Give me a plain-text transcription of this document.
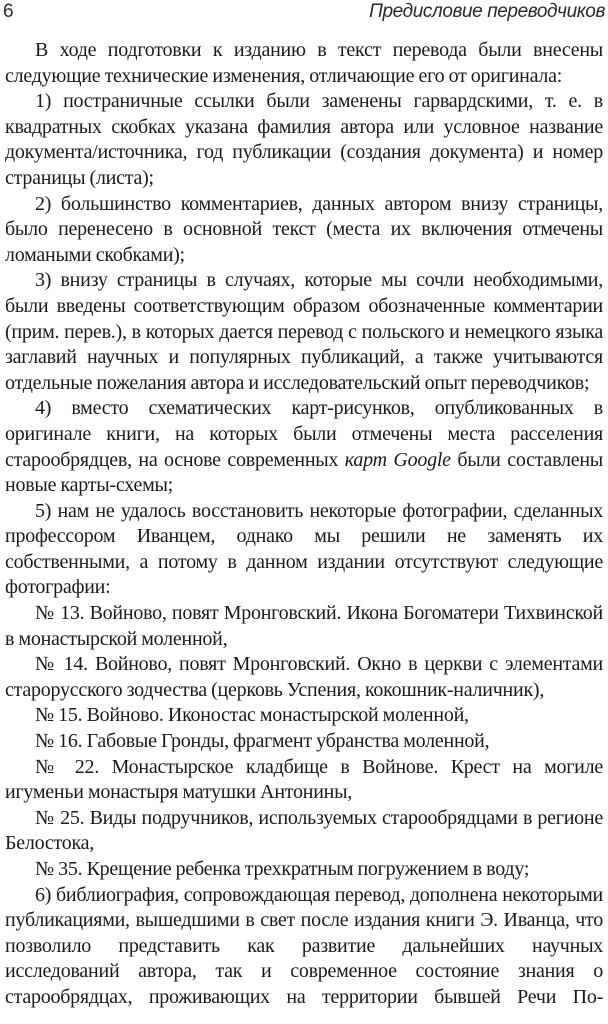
6	Предисловие переводчиков

В ходе подготовки к изданию в текст перевода были внесены следующие технические изменения, отличающие его от оригинала:

1) постраничные ссылки были заменены гарвардскими, т. е. в квадратных скобках указана фамилия автора или условное название документа/источника, год публикации (создания документа) и номер страницы (листа);

2) большинство комментариев, данных автором внизу страницы, было перенесено в основной текст (места их включения отмечены ломаными скобками);

3) внизу страницы в случаях, которые мы сочли необходимыми, были введены соответствующим образом обозначенные комментарии (прим. перев.), в которых дается перевод с польского и немецкого языка заглавий научных и популярных публикаций, а также учитываются отдельные пожелания автора и исследовательский опыт переводчиков;

4) вместо схематических карт-рисунков, опубликованных в оригинале книги, на которых были отмечены места расселения старообрядцев, на основе современных карт Google были составлены новые карты-схемы;

5) нам не удалось восстановить некоторые фотографии, сделанных профессором Иванцем, однако мы решили не заменять их собственными, а потому в данном издании отсутствуют следующие фотографии:

№ 13. Войново, повят Мронговский. Икона Богоматери Тихвинской в монастырской моленной,

№ 14. Войново, повят Мронговский. Окно в церкви с элементами старорусского зодчества (церковь Успения, кокошник-наличник),

№ 15. Войново. Иконостас монастырской моленной,

№ 16. Габовые Гронды, фрагмент убранства моленной,

№ 22. Монастырское кладбище в Войнове. Крест на могиле игуменьи монастыря матушки Антонины,

№ 25. Виды подручников, используемых старообрядцами в регионе Белостока,

№ 35. Крещение ребенка трехкратным погружением в воду;

6) библиография, сопровождающая перевод, дополнена некоторыми публикациями, вышедшими в свет после издания книги Э. Иванца, что позволило представить как развитие дальнейших научных исследований автора, так и современное состояние знания о старообрядцах, проживающих на территории бывшей Речи По-
